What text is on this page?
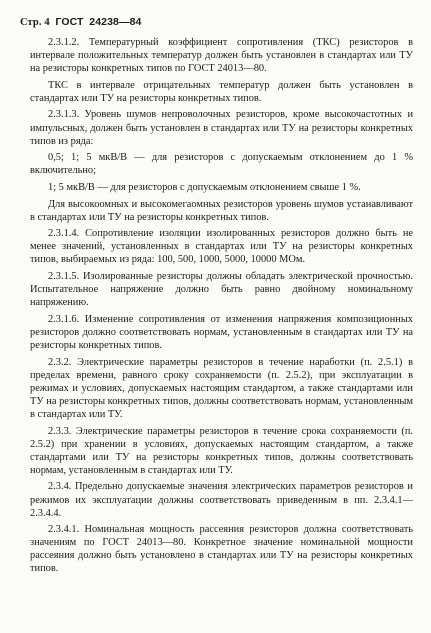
Стр. 4 ГОСТ 24238—84

2.3.1.2. Температурный коэффициент сопротивления (ТКС) резисторов в интервале положительных температур должен быть установлен в стандартах или ТУ на резисторы конкретных типов по ГОСТ 24013—80.

ТКС в интервале отрицательных температур должен быть установлен в стандартах или ТУ на резисторы конкретных типов.

2.3.1.3. Уровень шумов непроволочных резисторов, кроме высокочастотных и импульсных, должен быть установлен в стандартах или ТУ на резисторы конкретных типов из ряда:

0,5; 1; 5 мкВ/В — для резисторов с допускаемым отклонением до 1 % включительно;

1; 5 мкВ/В — для резисторов с допускаемым отклонением свыше 1 %.

Для высокоомных и высокомегаомных резисторов уровень шумов устанавливают в стандартах или ТУ на резисторы конкретных типов.

2.3.1.4. Сопротивление изоляции изолированных резисторов должно быть не менее значений, установленных в стандартах или ТУ на резисторы конкретных типов, выбираемых из ряда: 100, 500, 1000, 5000, 10000 МОм.

2.3.1.5. Изолированные резисторы должны обладать электрической прочностью. Испытательное напряжение должно быть равно двойному номинальному напряжению.

2.3.1.6. Изменение сопротивления от изменения напряжения композиционных резисторов должно соответствовать нормам, установленным в стандартах или ТУ на резисторы конкретных типов.

2.3.2. Электрические параметры резисторов в течение наработки (п. 2.5.1) в пределах времени, равного сроку сохраняемости (п. 2.5.2), при эксплуатации в режимах и условиях, допускаемых настоящим стандартом, а также стандартами или ТУ на резисторы конкретных типов, должны соответствовать нормам, установленным в стандартах или ТУ.

2.3.3. Электрические параметры резисторов в течение срока сохраняемости (п. 2.5.2) при хранении в условиях, допускаемых настоящим стандартом, а также стандартами или ТУ на резисторы конкретных типов, должны соответствовать нормам, установленным в стандартах или ТУ.

2.3.4. Предельно допускаемые значения электрических параметров резисторов и режимов их эксплуатации должны соответствовать приведенным в пп. 2.3.4.1—2.3.4.4.

2.3.4.1. Номинальная мощность рассеяния резисторов должна соответствовать значениям по ГОСТ 24013—80. Конкретное значение номинальной мощности рассеяния должно быть установлено в стандартах или ТУ на резисторы конкретных типов.
